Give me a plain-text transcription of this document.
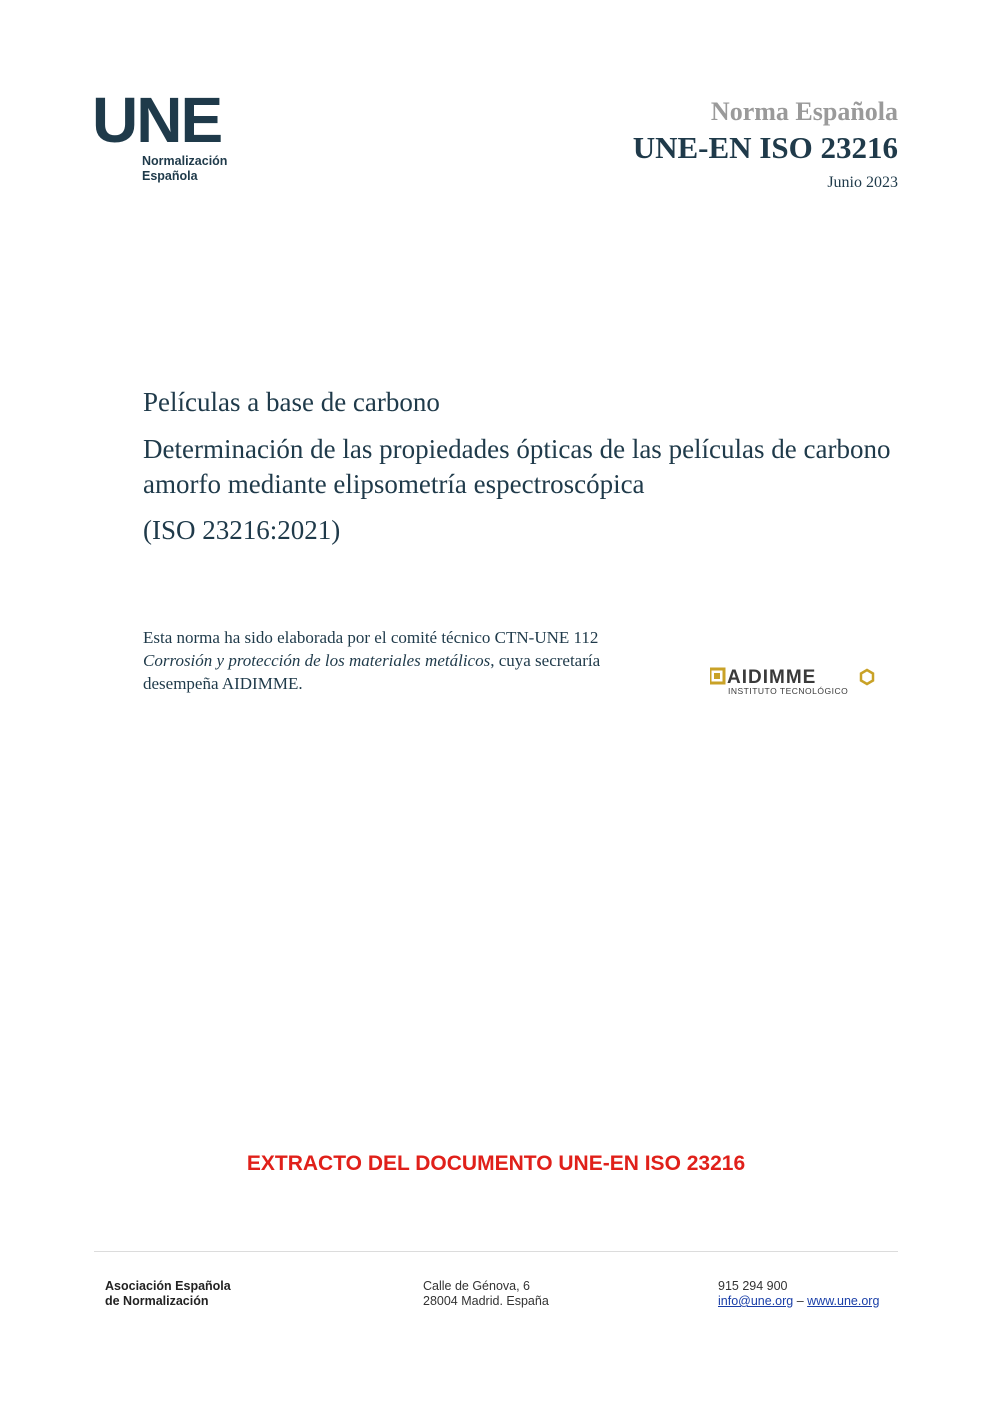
UNE
Normalización
Española
Norma Española
UNE-EN ISO 23216
Junio 2023
Películas a base de carbono
Determinación de las propiedades ópticas de las películas de carbono amorfo mediante elipsometría espectroscópica
(ISO 23216:2021)
Esta norma ha sido elaborada por el comité técnico CTN-UNE 112 Corrosión y protección de los materiales metálicos, cuya secretaría desempeña AIDIMME.	AIDIMME
INSTITUTO TECNOLÓGICO
EXTRACTO DEL DOCUMENTO UNE-EN ISO 23216
Asociación Española
de Normalización
Calle de Génova, 6
28004 Madrid. España
915 294 900
info@une.org – www.une.org
